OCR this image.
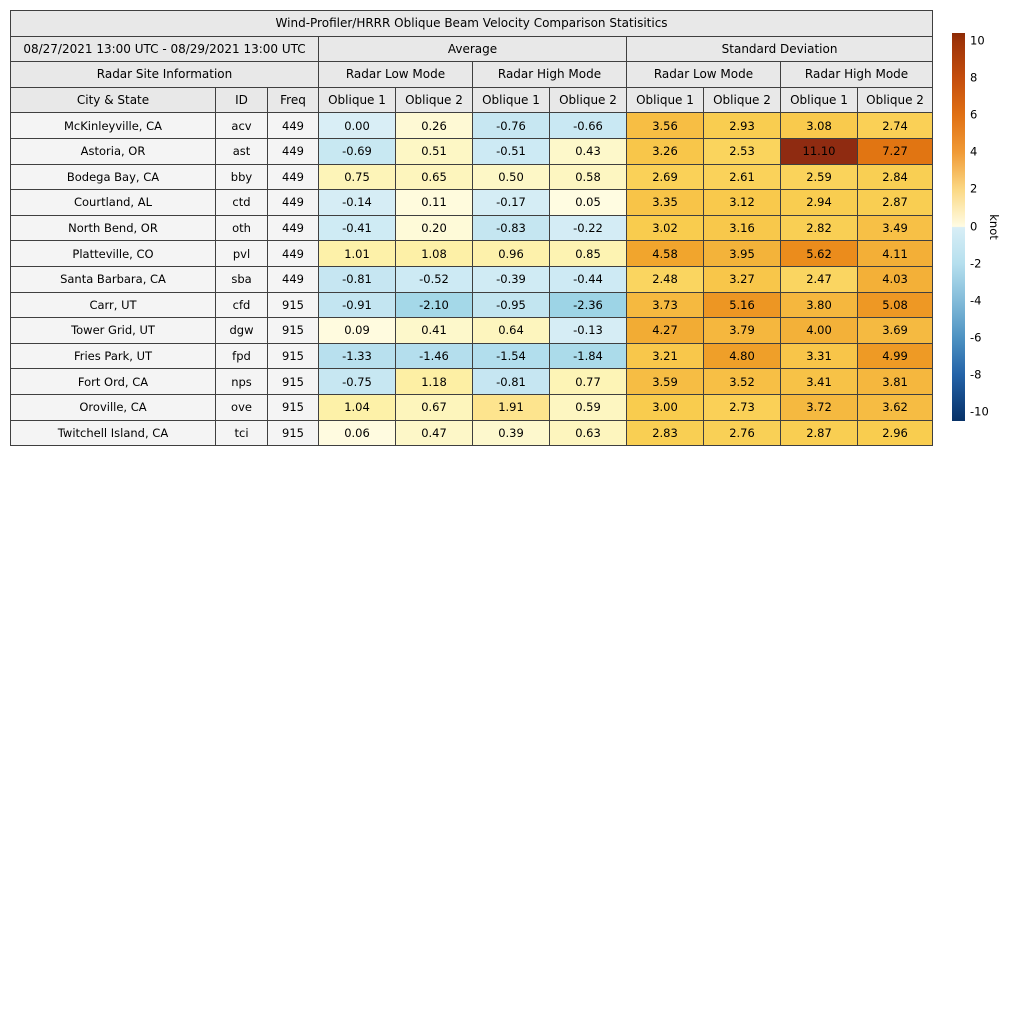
Wind-Profiler/HRRR Oblique Beam Velocity Comparison Statisitics										
08/27/2021 13:00 UTC - 08/29/2021 13:00 UTC			Average				Standard Deviation			
Radar Site Information			Radar Low Mode		Radar High Mode		Radar Low Mode		Radar High Mode	
City & State	ID	Freq	Oblique 1	Oblique 2	Oblique 1	Oblique 2	Oblique 1	Oblique 2	Oblique 1	Oblique 2
McKinleyville, CA	acv	449	0.00	0.26	-0.76	-0.66	3.56	2.93	3.08	2.74
Astoria, OR	ast	449	-0.69	0.51	-0.51	0.43	3.26	2.53	11.10	7.27
Bodega Bay, CA	bby	449	0.75	0.65	0.50	0.58	2.69	2.61	2.59	2.84
Courtland, AL	ctd	449	-0.14	0.11	-0.17	0.05	3.35	3.12	2.94	2.87
North Bend, OR	oth	449	-0.41	0.20	-0.83	-0.22	3.02	3.16	2.82	3.49
Platteville, CO	pvl	449	1.01	1.08	0.96	0.85	4.58	3.95	5.62	4.11
Santa Barbara, CA	sba	449	-0.81	-0.52	-0.39	-0.44	2.48	3.27	2.47	4.03
Carr, UT	cfd	915	-0.91	-2.10	-0.95	-2.36	3.73	5.16	3.80	5.08
Tower Grid, UT	dgw	915	0.09	0.41	0.64	-0.13	4.27	3.79	4.00	3.69
Fries Park, UT	fpd	915	-1.33	-1.46	-1.54	-1.84	3.21	4.80	3.31	4.99
Fort Ord, CA	nps	915	-0.75	1.18	-0.81	0.77	3.59	3.52	3.41	3.81
Oroville, CA	ove	915	1.04	0.67	1.91	0.59	3.00	2.73	3.72	3.62
Twitchell Island, CA	tci	915	0.06	0.47	0.39	0.63	2.83	2.76	2.87	2.96
10
8
6
4
2
0
-2
-4
-6
-8
-10
knot
